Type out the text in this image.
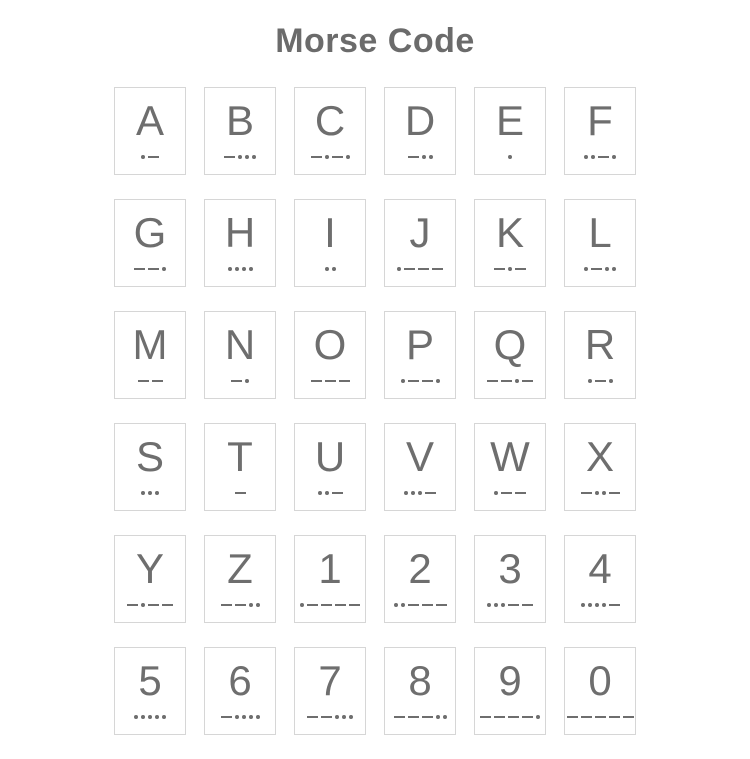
Morse Code
A B C D E F
G H I J K L
M N O P Q R
S T U V W X
Y Z 1 2 3 4
5 6 7 8 9 0
